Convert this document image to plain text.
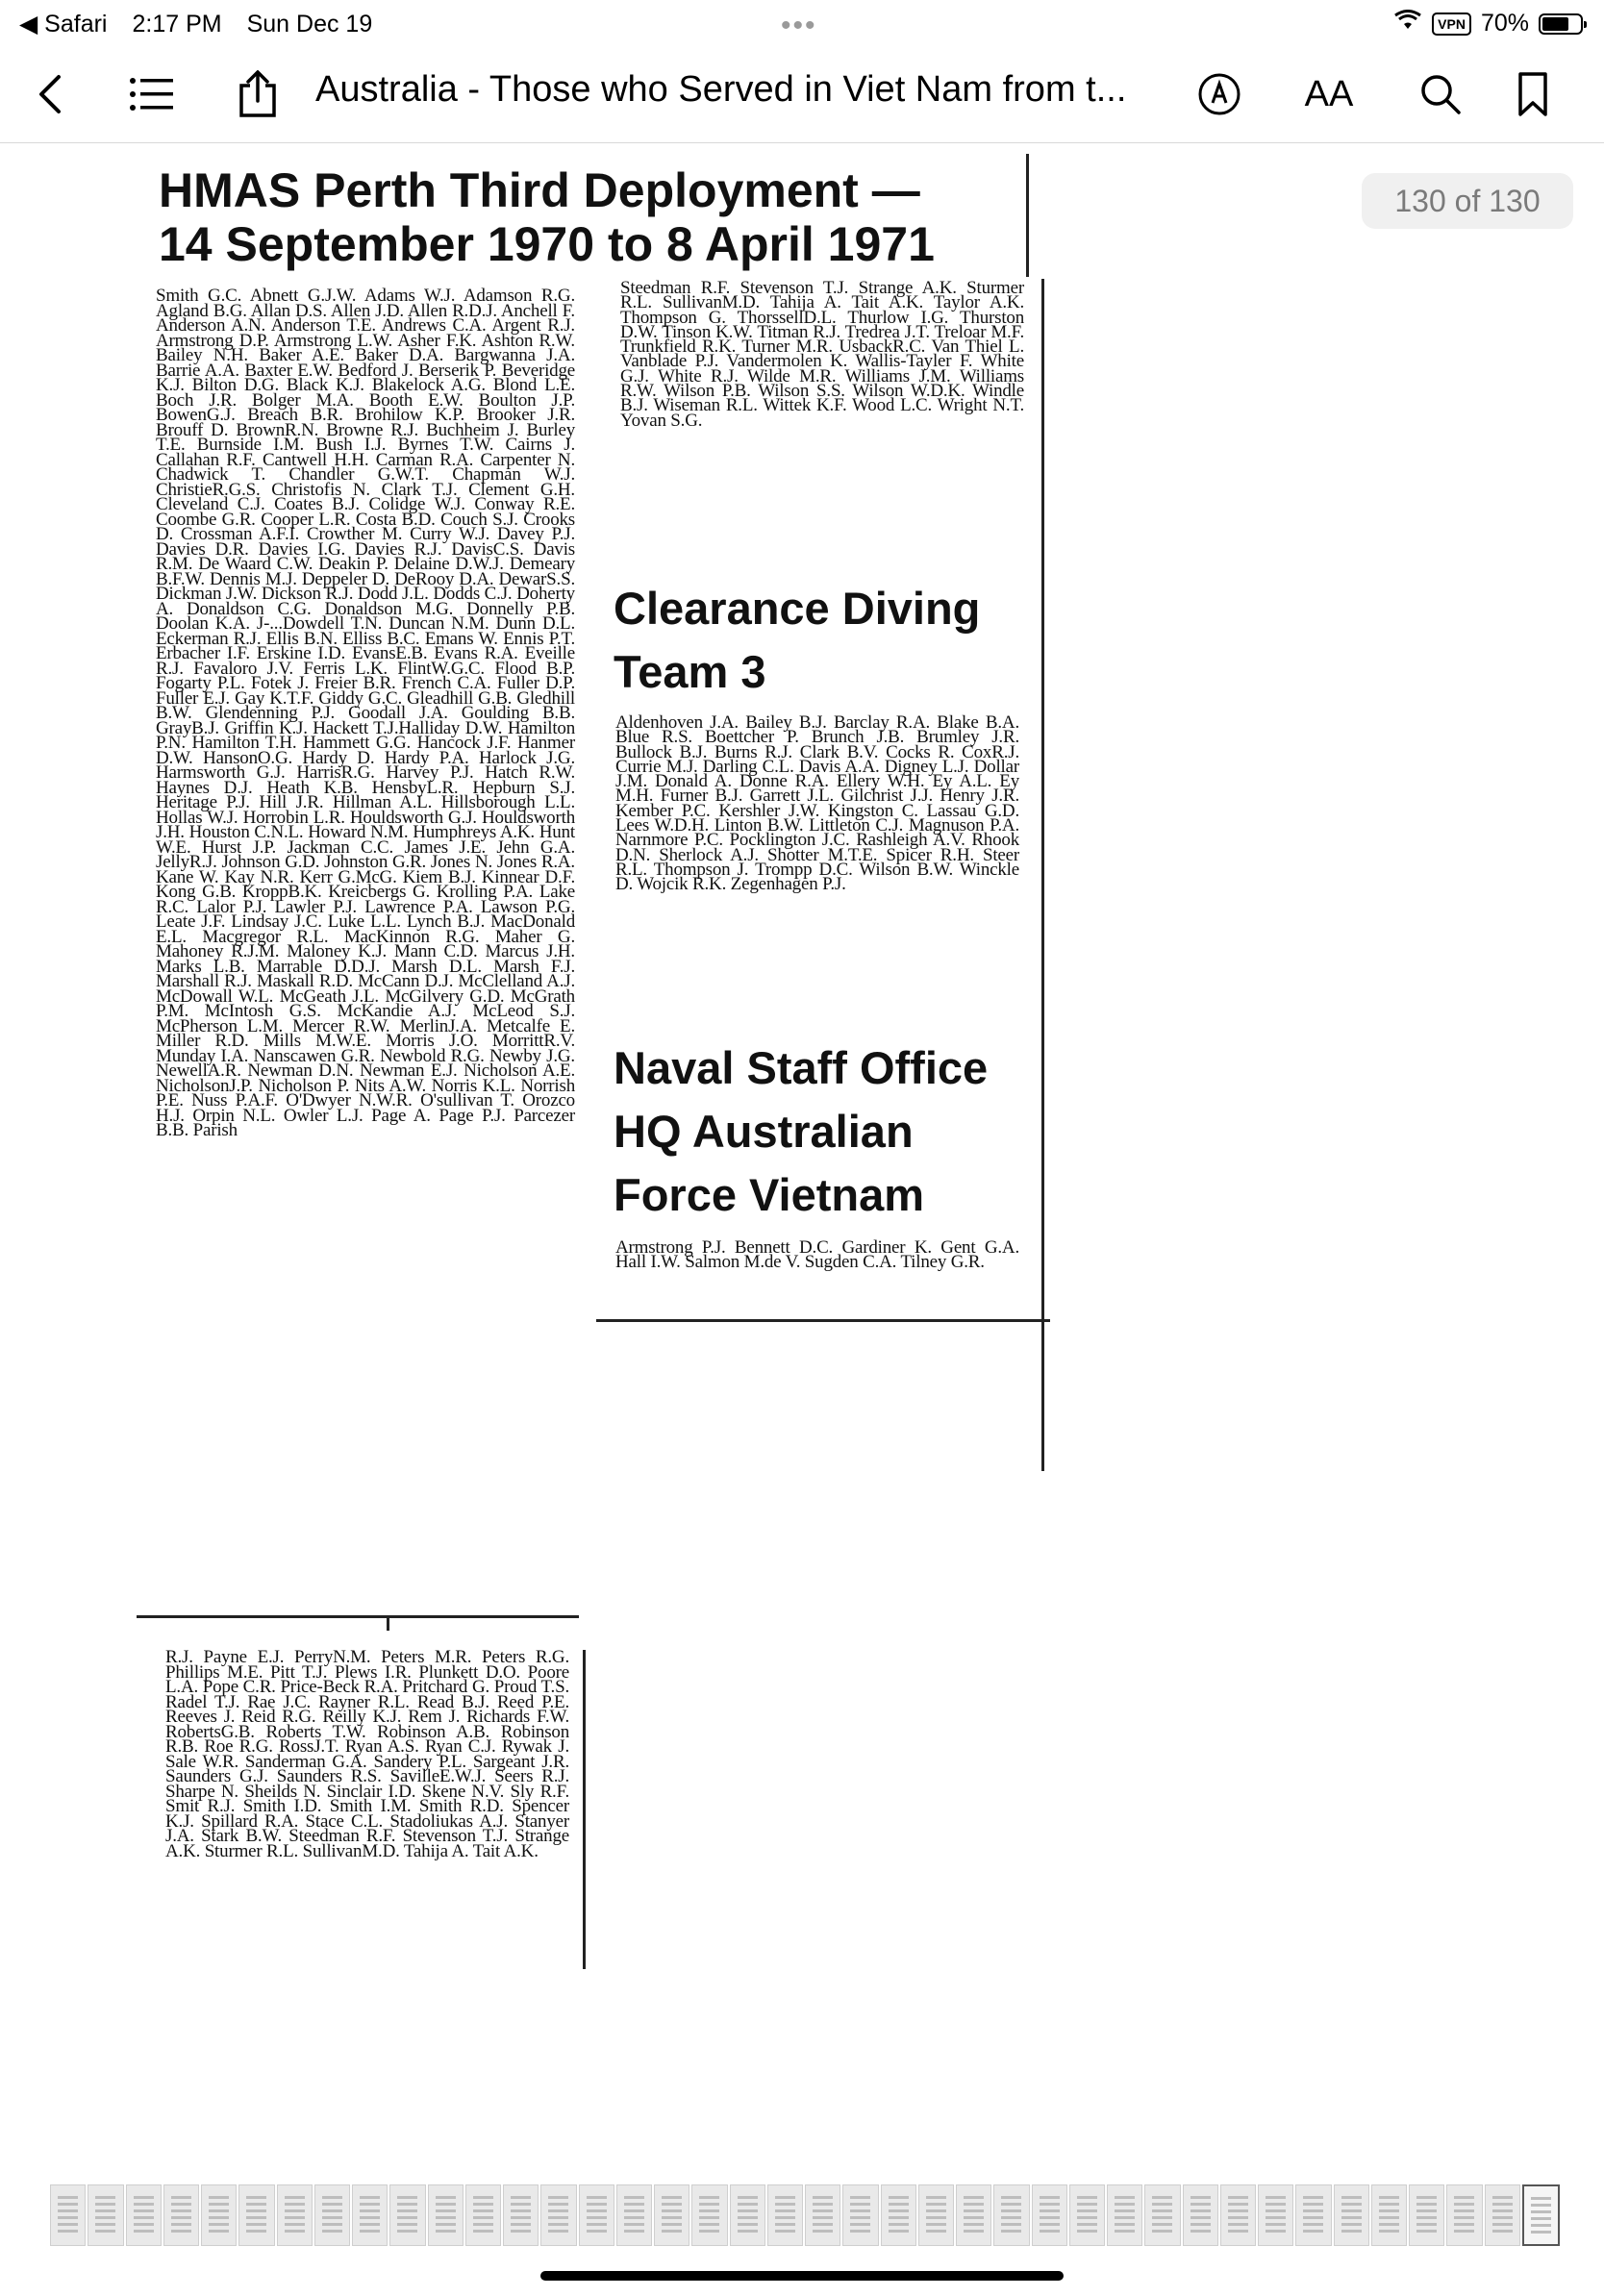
◀ Safari 2:17 PM Sun Dec 19	•••	VPN 70%
Australia - Those who Served in Viet Nam from t...	AA
130 of 130
HMAS Perth Third Deployment —
14 September 1970 to 8 April 1971
Smith G.C. Abnett G.J.W. Adams W.J. Adamson R.G. Agland B.G. Allan D.S. Allen J.D. Allen R.D.J. Anchell F. Anderson A.N. Anderson T.E. Andrews C.A. Argent R.J. Armstrong D.P. Armstrong L.W. Asher F.K. Ashton R.W. Bailey N.H. Baker A.E. Baker D.A. Bargwanna J.A. Barrie A.A. Baxter E.W. Bedford J. Berserik P. Beveridge K.J. Bilton D.G. Black K.J. Blakelock A.G. Blond L.E. Boch J.R. Bolger M.A. Booth E.W. Boulton J.P. BowenG.J. Breach B.R. Brohilow K.P. Brooker J.R. Brouff D. BrownR.N. Browne R.J. Buchheim J. Burley T.E. Burnside I.M. Bush I.J. Byrnes T.W. Cairns J. Callahan R.F. Cantwell H.H. Carman R.A. Carpenter N. Chadwick T. Chandler G.W.T. Chapman W.J. ChristieR.G.S. Christofis N. Clark T.J. Clement G.H. Cleveland C.J. Coates B.J. Colidge W.J. Conway R.E. Coombe G.R. Cooper L.R. Costa B.D. Couch S.J. Crooks D. Crossman A.F.I. Crowther M. Curry W.J. Davey P.J. Davies D.R. Davies I.G. Davies R.J. DavisC.S. Davis R.M. De Waard C.W. Deakin P. Delaine D.W.J. Demeary B.F.W. Dennis M.J. Deppeler D. DeRooy D.A. DewarS.S. Dickman J.W. Dickson R.J. Dodd J.L. Dodds C.J. Doherty A. Donaldson C.G. Donaldson M.G. Donnelly P.B. Doolan K.A. J-...Dowdell T.N. Duncan N.M. Dunn D.L. Eckerman R.J. Ellis B.N. Elliss B.C. Emans W. Ennis P.T. Erbacher I.F. Erskine I.D. EvansE.B. Evans R.A. Eveille R.J. Favaloro J.V. Ferris L.K. FlintW.G.C. Flood B.P. Fogarty P.L. Fotek J. Freier B.R. French C.A. Fuller D.P. Fuller E.J. Gay K.T.F. Giddy G.C. Gleadhill G.B. Gledhill B.W. Glendenning P.J. Goodall J.A. Goulding B.B. GrayB.J. Griffin K.J. Hackett T.J.Halliday D.W. Hamilton P.N. Hamilton T.H. Hammett G.G. Hancock J.F. Hanmer D.W. HansonO.G. Hardy D. Hardy P.A. Harlock J.G. Harmsworth G.J. HarrisR.G. Harvey P.J. Hatch R.W. Haynes D.J. Heath K.B. HensbyL.R. Hepburn S.J. Heritage P.J. Hill J.R. Hillman A.L. Hillsborough L.L. Hollas W.J. Horrobin L.R. Houldsworth G.J. Houldsworth J.H. Houston C.N.L. Howard N.M. Humphreys A.K. Hunt W.E. Hurst J.P. Jackman C.C. James J.E. Jehn G.A. JellyR.J. Johnson G.D. Johnston G.R. Jones N. Jones R.A. Kane W. Kay N.R. Kerr G.McG. Kiem B.J. Kinnear D.F. Kong G.B. KroppB.K. Kreicbergs G. Krolling P.A. Lake R.C. Lalor P.J. Lawler P.J. Lawrence P.A. Lawson P.G. Leate J.F. Lindsay J.C. Luke L.L. Lynch B.J. MacDonald E.L. Macgregor R.L. MacKinnon R.G. Maher G. Mahoney R.J.M. Maloney K.J. Mann C.D. Marcus J.H. Marks L.B. Marrable D.D.J. Marsh D.L. Marsh F.J. Marshall R.J. Maskall R.D. McCann D.J. McClelland A.J. McDowall W.L. McGeath J.L. McGilvery G.D. McGrath P.M. McIntosh G.S. McKandie A.J. McLeod S.J. McPherson L.M. Mercer R.W. MerlinJ.A. Metcalfe E. Miller R.D. Mills M.W.E. Morris J.O. MorrittR.V. Munday I.A. Nanscawen G.R. Newbold R.G. Newby J.G. NewellA.R. Newman D.N. Newman E.J. Nicholson A.E. NicholsonJ.P. Nicholson P. Nits A.W. Norris K.L. Norrish P.E. Nuss P.A.F. O'Dwyer N.W.R. O'sullivan T. Orozco H.J. Orpin N.L. Owler L.J. Page A. Page P.J. Parcezer B.B. Parish
R.J. Payne E.J. PerryN.M. Peters M.R. Peters R.G. Phillips M.E. Pitt T.J. Plews I.R. Plunkett D.O. Poore L.A. Pope C.R. Price-Beck R.A. Pritchard G. Proud T.S. Radel T.J. Rae J.C. Rayner R.L. Read B.J. Reed P.E. Reeves J. Reid R.G. Reilly K.J. Rem J. Richards F.W. RobertsG.B. Roberts T.W. Robinson A.B. Robinson R.B. Roe R.G. RossJ.T. Ryan A.S. Ryan C.J. Rywak J. Sale W.R. Sanderman G.A. Sandery P.L. Sargeant J.R. Saunders G.J. Saunders R.S. SavilleE.W.J. Seers R.J. Sharpe N. Sheilds N. Sinclair I.D. Skene N.V. Sly R.F. Smit R.J. Smith I.D. Smith I.M. Smith R.D. Spencer K.J. Spillard R.A. Stace C.L. Stadoliukas A.J. Stanyer J.A. Stark B.W. Steedman R.F. Stevenson T.J. Strange A.K. Sturmer R.L. SullivanM.D. Tahija A. Tait A.K.
Steedman R.F. Stevenson T.J. Strange A.K. Sturmer R.L. SullivanM.D. Tahija A. Tait A.K. Taylor A.K. Thompson G. ThorssellD.L. Thurlow I.G. Thurston D.W. Tinson K.W. Titman R.J. Tredrea J.T. Treloar M.F. Trunkfield R.K. Turner M.R. UsbackR.C. Van Thiel L. Vanblade P.J. Vandermolen K. Wallis-Tayler F. White G.J. White R.J. Wilde M.R. Williams J.M. Williams R.W. Wilson P.B. Wilson S.S. Wilson W.D.K. Windle B.J. Wiseman R.L. Wittek K.F. Wood L.C. Wright N.T. Yovan S.G.
Clearance Diving
Team 3
Aldenhoven J.A. Bailey B.J. Barclay R.A. Blake B.A. Blue R.S. Boettcher P. Brunch J.B. Brumley J.R. Bullock B.J. Burns R.J. Clark B.V. Cocks R. CoxR.J. Currie M.J. Darling C.L. Davis A.A. Digney L.J. Dollar J.M. Donald A. Donne R.A. Ellery W.H. Ey A.L. Ey M.H. Furner B.J. Garrett J.L. Gilchrist J.J. Henry J.R. Kember P.C. Kershler J.W. Kingston C. Lassau G.D. Lees W.D.H. Linton B.W. Littleton C.J. Magnuson P.A. Narnmore P.C. Pocklington J.C. Rashleigh A.V. Rhook D.N. Sherlock A.J. Shotter M.T.E. Spicer R.H. Steer R.L. Thompson J. Trompp D.C. Wilson B.W. Winckle D. Wojcik R.K. Zegenhagen P.J.
Naval Staff Office
HQ Australian
Force Vietnam
Armstrong P.J. Bennett D.C. Gardiner K. Gent G.A. Hall I.W. Salmon M.de V. Sugden C.A. Tilney G.R.
